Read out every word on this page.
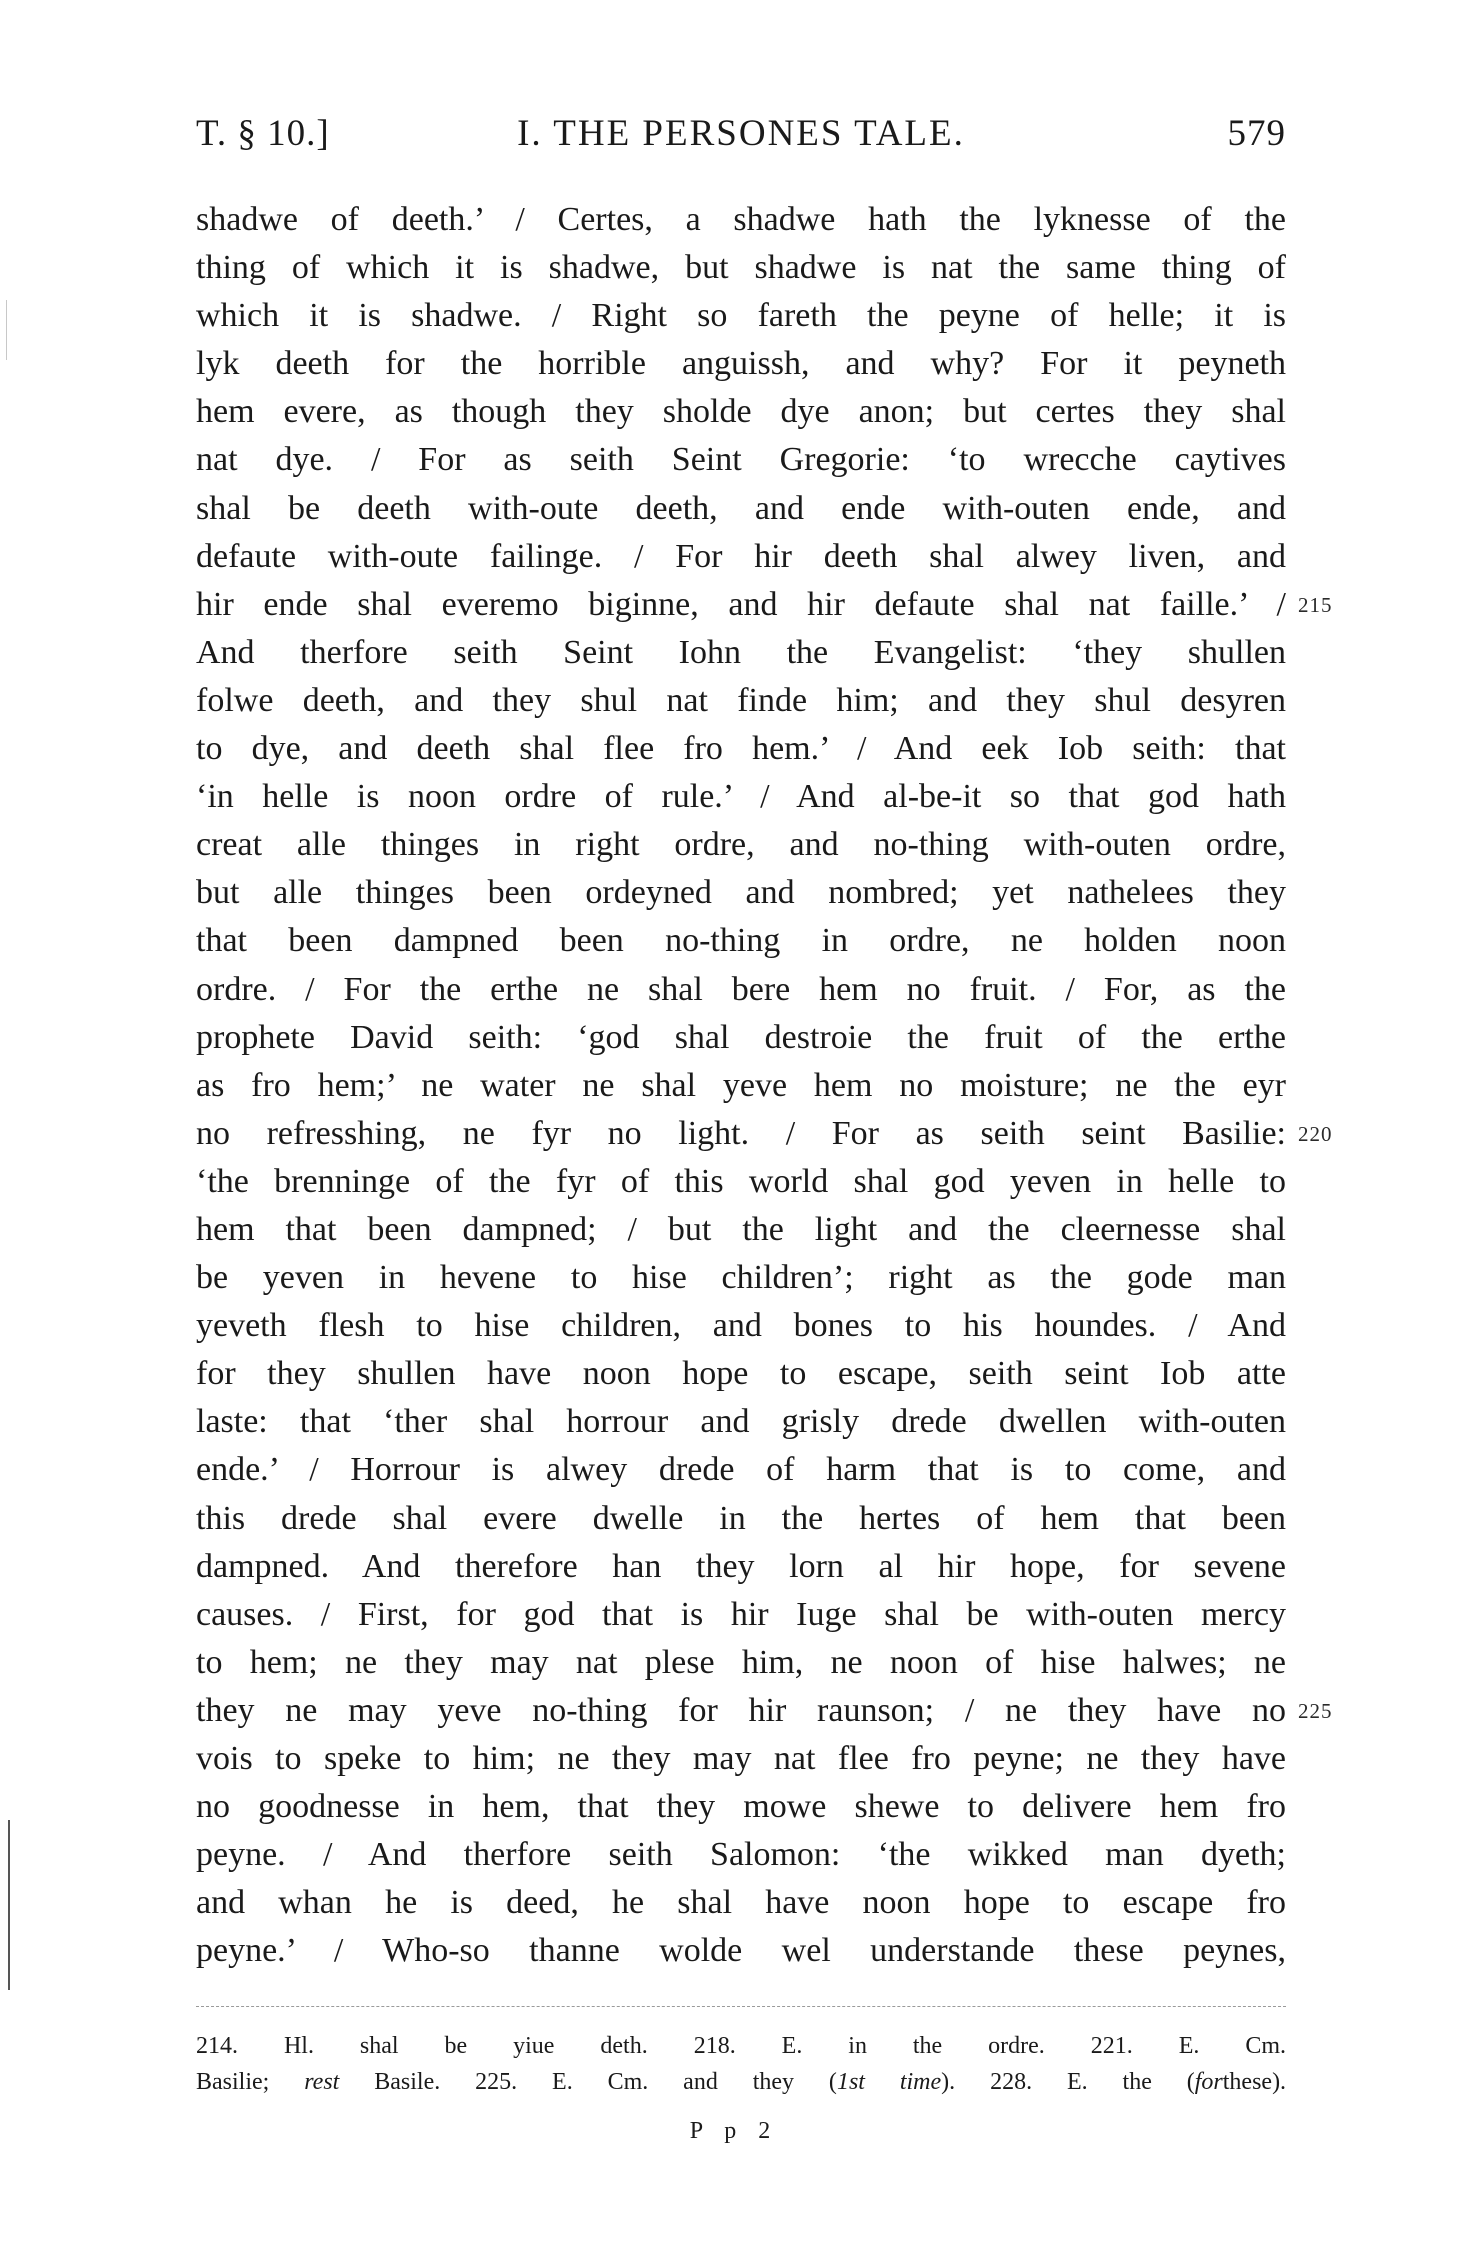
T. § 10.]	I. THE PERSONES TALE.	579
shadwe of deeth.’ / Certes, a shadwe hath the lyknesse of the
thing of which it is shadwe, but shadwe is nat the same thing of
which it is shadwe. / Right so fareth the peyne of helle; it is
lyk deeth for the horrible anguissh, and why? For it peyneth
hem evere, as though they sholde dye anon; but certes they shal
nat dye. / For as seith Seint Gregorie: ‘to wrecche caytives
shal be deeth with-oute deeth, and ende with-outen ende, and
defaute with-oute failinge. / For hir deeth shal alwey liven, and
hir ende shal everemo biginne, and hir defaute shal nat faille.’ / 215
And therfore seith Seint Iohn the Evangelist: ‘they shullen
folwe deeth, and they shul nat finde him; and they shul desyren
to dye, and deeth shal flee fro hem.’ / And eek Iob seith: that
‘in helle is noon ordre of rule.’ / And al-be-it so that god hath
creat alle thinges in right ordre, and no-thing with-outen ordre,
but alle thinges been ordeyned and nombred; yet nathelees they
that been dampned been no-thing in ordre, ne holden noon
ordre. / For the erthe ne shal bere hem no fruit. / For, as the
prophete David seith: ‘god shal destroie the fruit of the erthe
as fro hem;’ ne water ne shal yeve hem no moisture; ne the eyr
no refresshing, ne fyr no light. / For as seith seint Basilie: 220
‘the brenninge of the fyr of this world shal god yeven in helle to
hem that been dampned; / but the light and the cleernesse shal
be yeven in hevene to hise children’; right as the gode man
yeveth flesh to hise children, and bones to his houndes. / And
for they shullen have noon hope to escape, seith seint Iob atte
laste: that ‘ther shal horrour and grisly drede dwellen with-outen
ende.’ / Horrour is alwey drede of harm that is to come, and
this drede shal evere dwelle in the hertes of hem that been
dampned. And therefore han they lorn al hir hope, for sevene
causes. / First, for god that is hir Iuge shal be with-outen mercy
to hem; ne they may nat plese him, ne noon of hise halwes; ne
they ne may yeve no-thing for hir raunson; / ne they have no 225
vois to speke to him; ne they may nat flee fro peyne; ne they have
no goodnesse in hem, that they mowe shewe to delivere hem fro
peyne. / And therfore seith Salomon: ‘the wikked man dyeth;
and whan he is deed, he shal have noon hope to escape fro
peyne.’ / Who-so thanne wolde wel understande these peynes,
214. Hl. shal be yiue deth. 218. E. in the ordre. 221. E. Cm.
Basilie; rest Basile. 225. E. Cm. and they (1st time). 228. E. the (forthese).
P p 2
